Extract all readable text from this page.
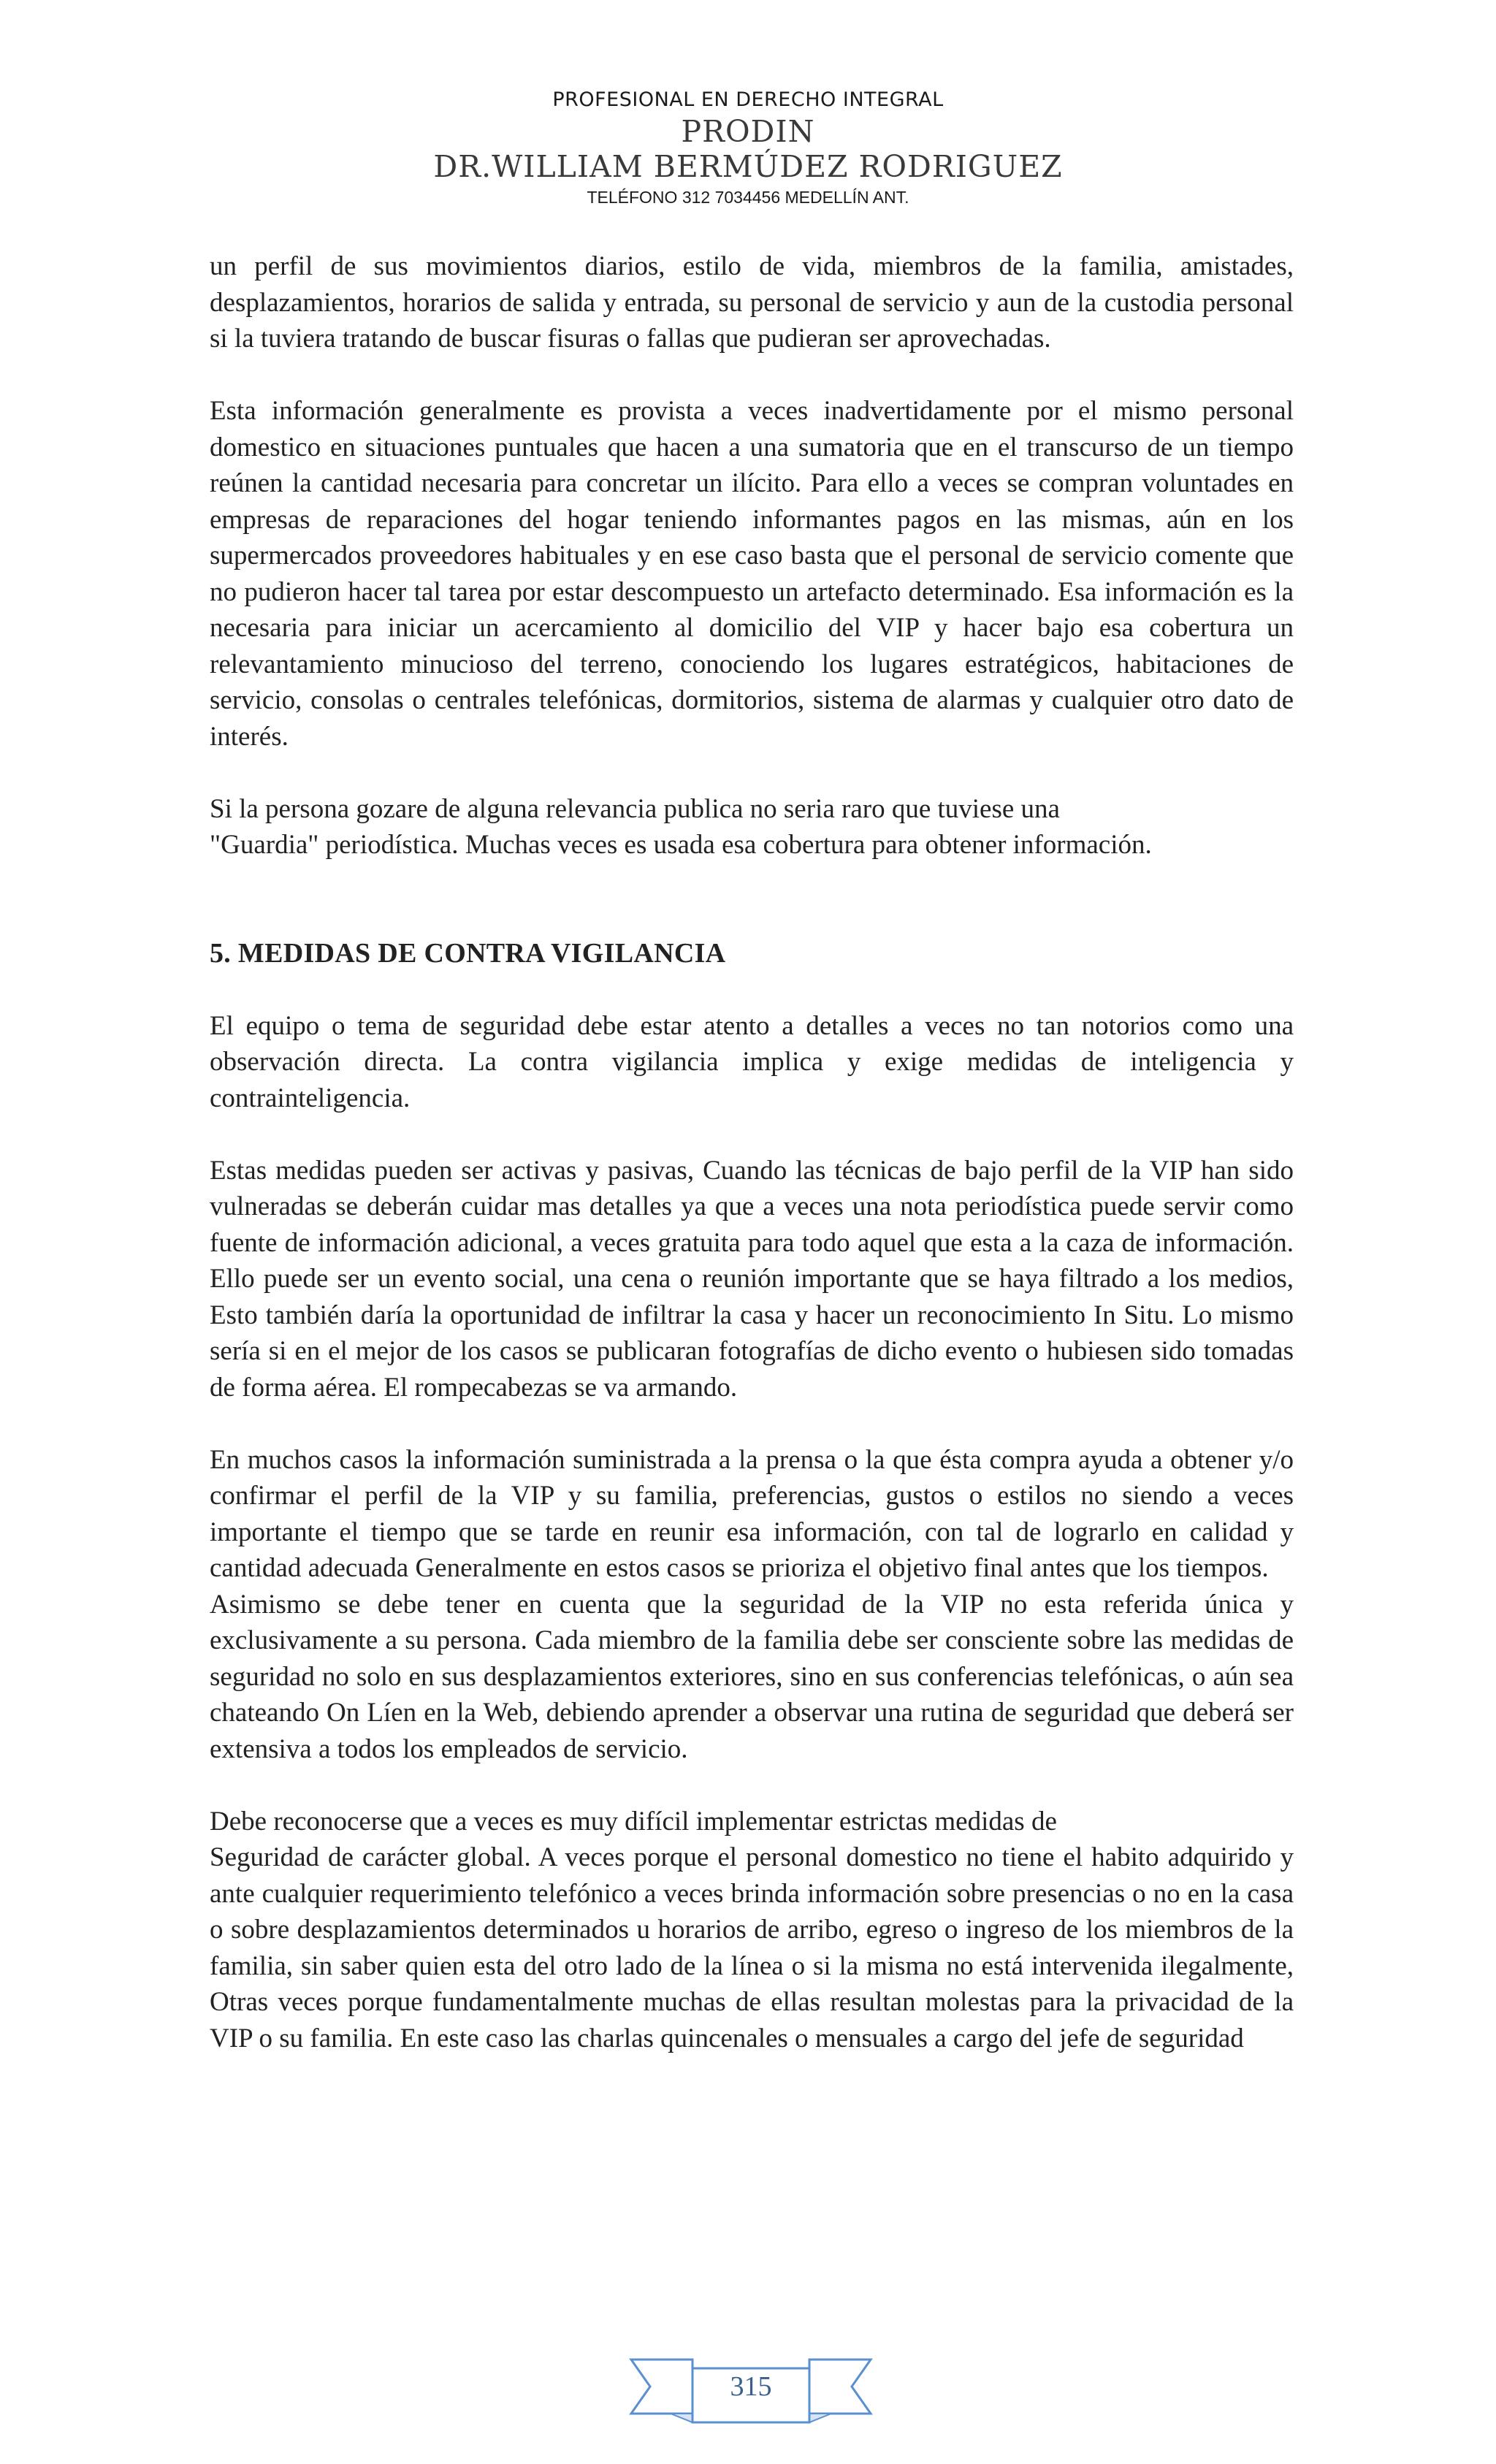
PROFESIONAL EN DERECHO INTEGRAL
PRODIN
DR.WILLIAM BERMÚDEZ RODRIGUEZ
TELÉFONO 312 7034456 MEDELLÍN ANT.

un perfil de sus movimientos diarios, estilo de vida, miembros de la familia, amistades, desplazamientos, horarios de salida y entrada, su personal de servicio y aun de la custodia personal si la tuviera tratando de buscar fisuras o fallas que pudieran ser aprovechadas.

Esta información generalmente es provista a veces inadvertidamente por el mismo personal domestico en situaciones puntuales que hacen a una sumatoria que en el transcurso de un tiempo reúnen la cantidad necesaria para concretar un ilícito. Para ello a veces se compran voluntades en empresas de reparaciones del hogar teniendo informantes pagos en las mismas, aún en los supermercados proveedores habituales y en ese caso basta que el personal de servicio comente que no pudieron hacer tal tarea por estar descompuesto un artefacto determinado. Esa información es la necesaria para iniciar un acercamiento al domicilio del VIP y hacer bajo esa cobertura un relevantamiento minucioso del terreno, conociendo los lugares estratégicos, habitaciones de servicio, consolas o centrales telefónicas, dormitorios, sistema de alarmas y cualquier otro dato de interés.

Si la persona gozare de alguna relevancia publica no seria raro que tuviese una

"Guardia" periodística. Muchas veces es usada esa cobertura para obtener información.

5. MEDIDAS DE CONTRA VIGILANCIA

El equipo o tema de seguridad debe estar atento a detalles a veces no tan notorios como una observación directa. La contra vigilancia implica y exige medidas de inteligencia y contrainteligencia.

Estas medidas pueden ser activas y pasivas, Cuando las técnicas de bajo perfil de la VIP han sido vulneradas se deberán cuidar mas detalles ya que a veces una nota periodística puede servir como fuente de información adicional, a veces gratuita para todo aquel que esta a la caza de información. Ello puede ser un evento social, una cena o reunión importante que se haya filtrado a los medios, Esto también daría la oportunidad de infiltrar la casa y hacer un reconocimiento In Situ. Lo mismo sería si en el mejor de los casos se publicaran fotografías de dicho evento o hubiesen sido tomadas de forma aérea. El rompecabezas se va armando.

En muchos casos la información suministrada a la prensa o la que ésta compra ayuda a obtener y/o confirmar el perfil de la VIP y su familia, preferencias, gustos o estilos no siendo a veces importante el tiempo que se tarde en reunir esa información, con tal de lograrlo en calidad y cantidad adecuada Generalmente en estos casos se prioriza el objetivo final antes que los tiempos.

Asimismo se debe tener en cuenta que la seguridad de la VIP no esta referida única y exclusivamente a su persona. Cada miembro de la familia debe ser consciente sobre las medidas de seguridad no solo en sus desplazamientos exteriores, sino en sus conferencias telefónicas, o aún sea chateando On Líen en la Web, debiendo aprender a observar una rutina de seguridad que deberá ser extensiva a todos los empleados de servicio.

Debe reconocerse que a veces es muy difícil implementar estrictas medidas de

Seguridad de carácter global. A veces porque el personal domestico no tiene el habito adquirido y ante cualquier requerimiento telefónico a veces brinda información sobre presencias o no en la casa o sobre desplazamientos determinados u horarios de arribo, egreso o ingreso de los miembros de la familia, sin saber quien esta del otro lado de la línea o si la misma no está intervenida ilegalmente, Otras veces porque fundamentalmente muchas de ellas resultan molestas para la privacidad de la VIP o su familia. En este caso las charlas quincenales o mensuales a cargo del jefe de seguridad

315
